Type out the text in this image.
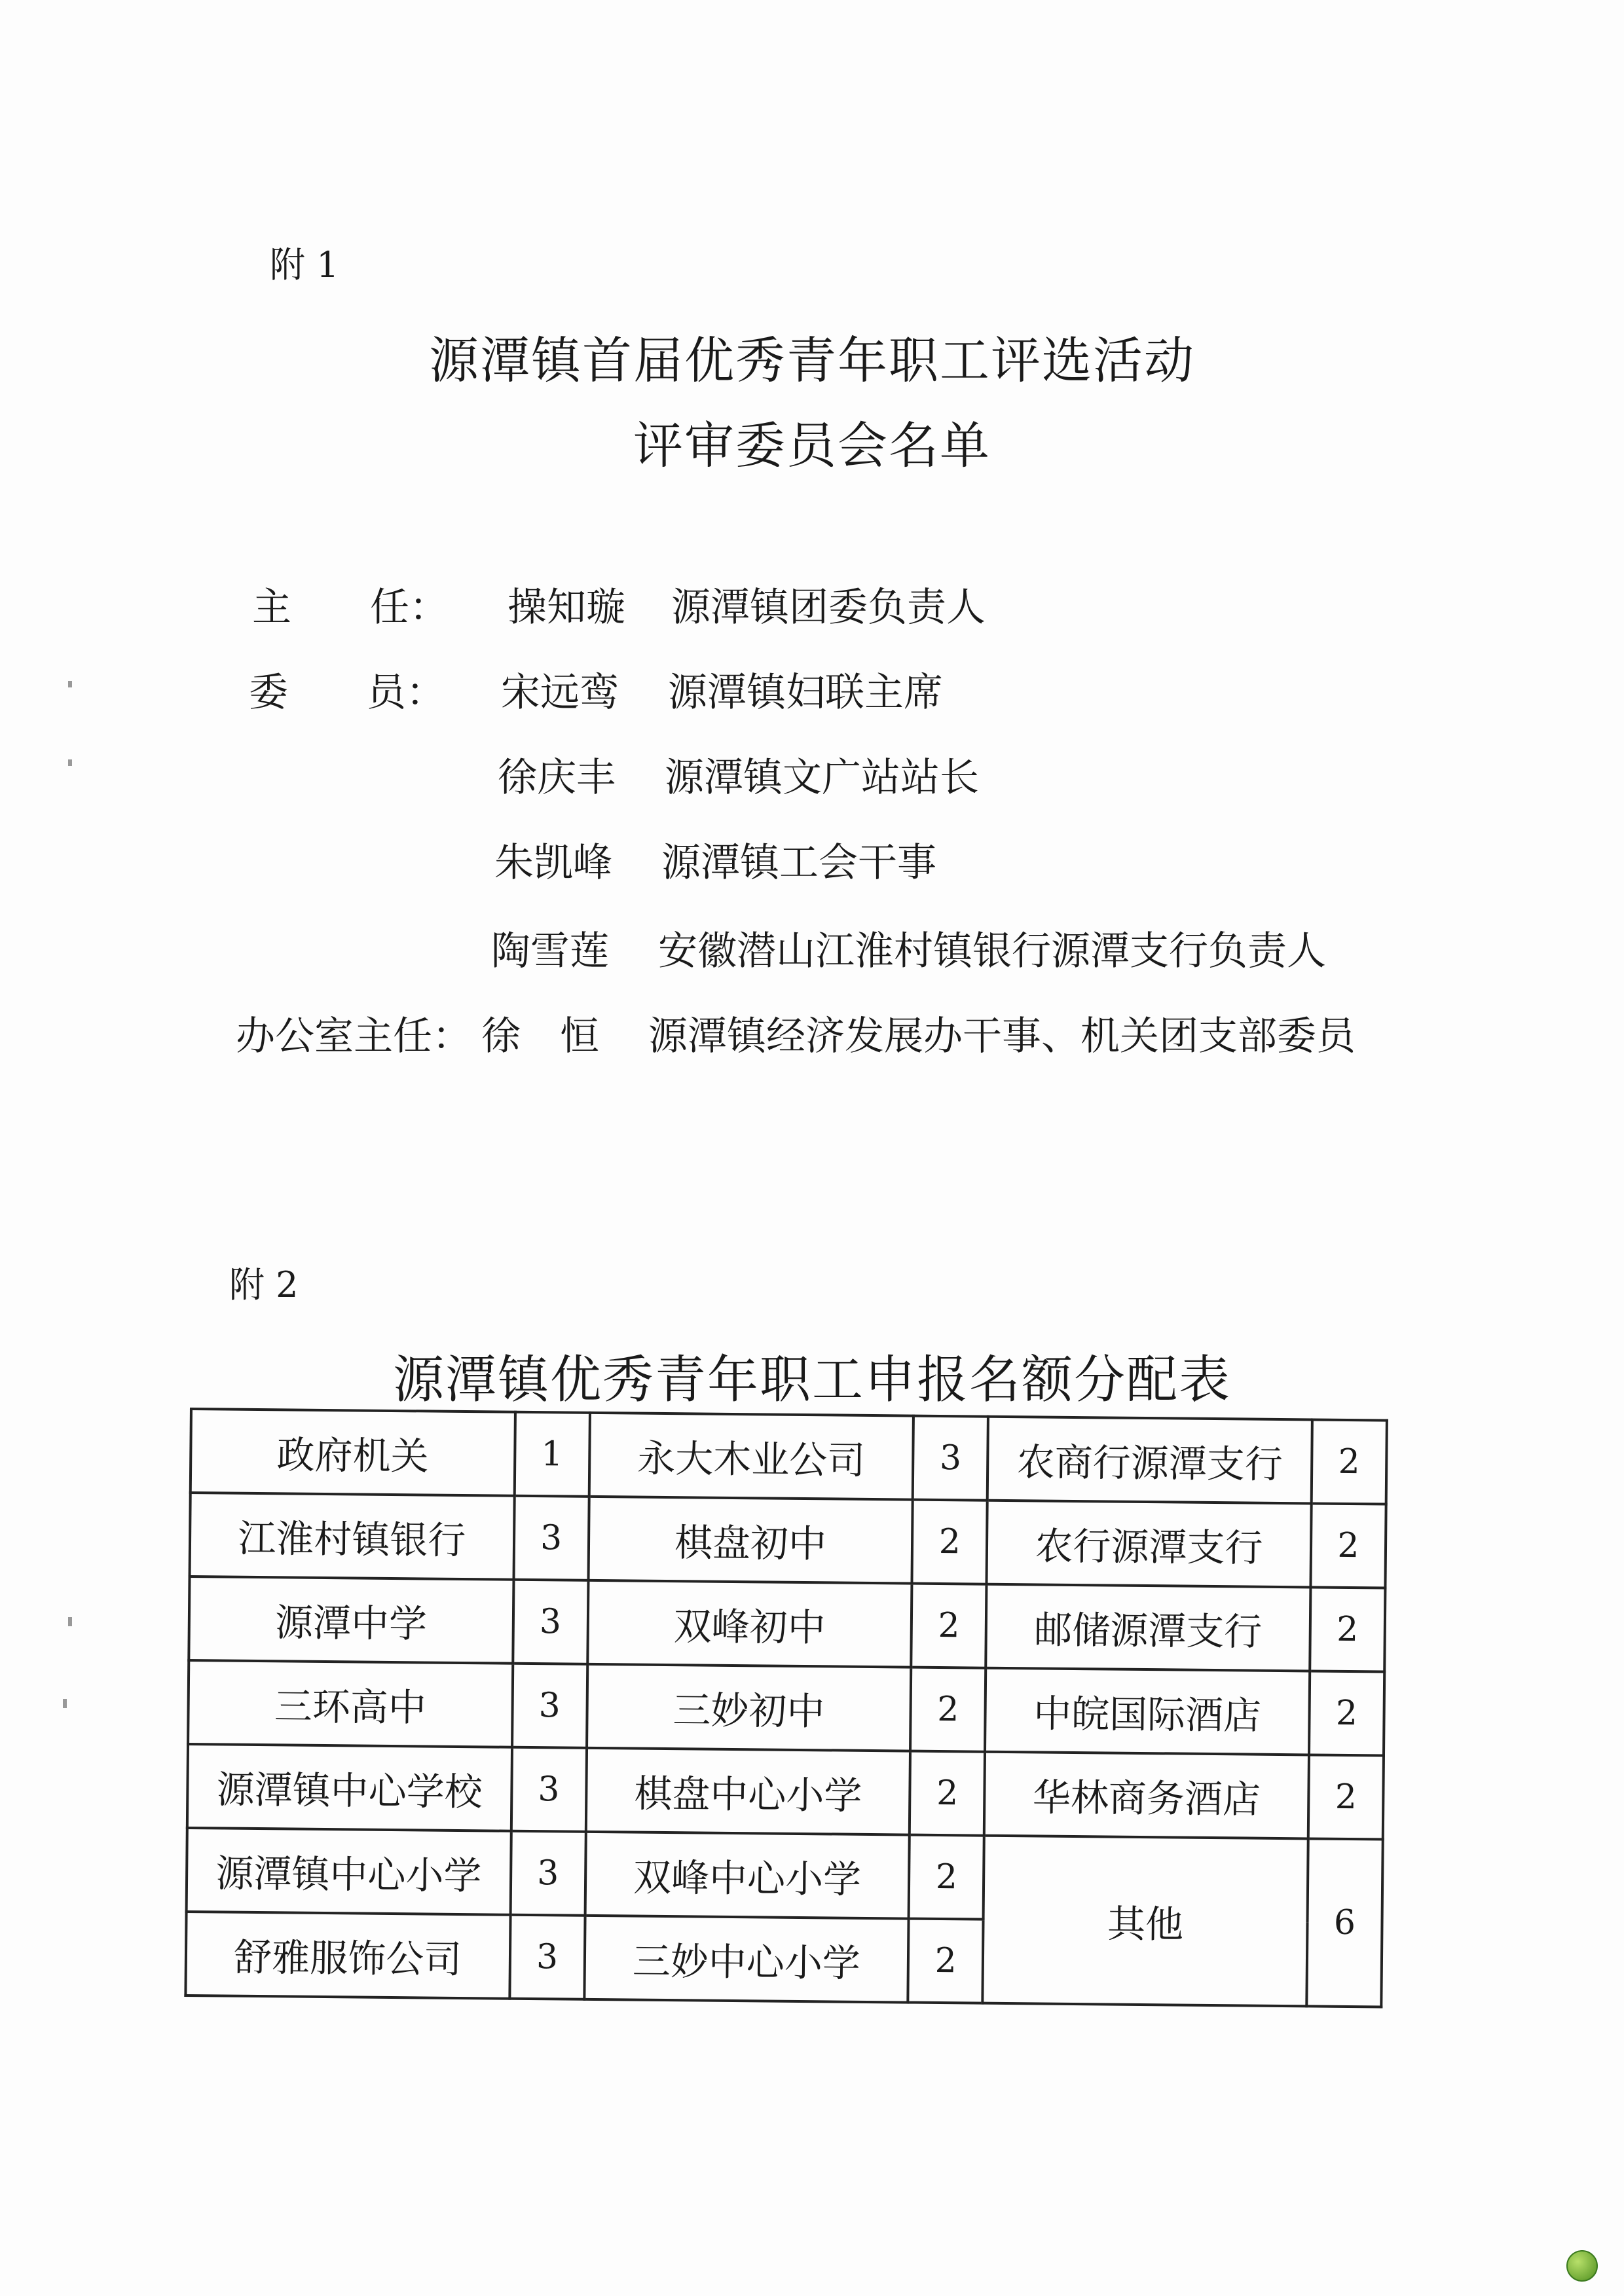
附 1
源潭镇首届优秀青年职工评选活动
评审委员会名单
主　　任： 操知璇 源潭镇团委负责人
委　　员： 宋远鸾 源潭镇妇联主席
徐庆丰 源潭镇文广站站长
朱凯峰 源潭镇工会干事
陶雪莲 安徽潜山江淮村镇银行源潭支行负责人
办公室主任： 徐　恒 源潭镇经济发展办干事、机关团支部委员
附 2
源潭镇优秀青年职工申报名额分配表
政府机关	1	永大木业公司	3	农商行源潭支行	2
江淮村镇银行	3	棋盘初中	2	农行源潭支行	2
源潭中学	3	双峰初中	2	邮储源潭支行	2
三环高中	3	三妙初中	2	中皖国际酒店	2
源潭镇中心学校	3	棋盘中心小学	2	华林商务酒店	2
源潭镇中心小学	3	双峰中心小学	2	其他	6
舒雅服饰公司	3	三妙中心小学	2		
